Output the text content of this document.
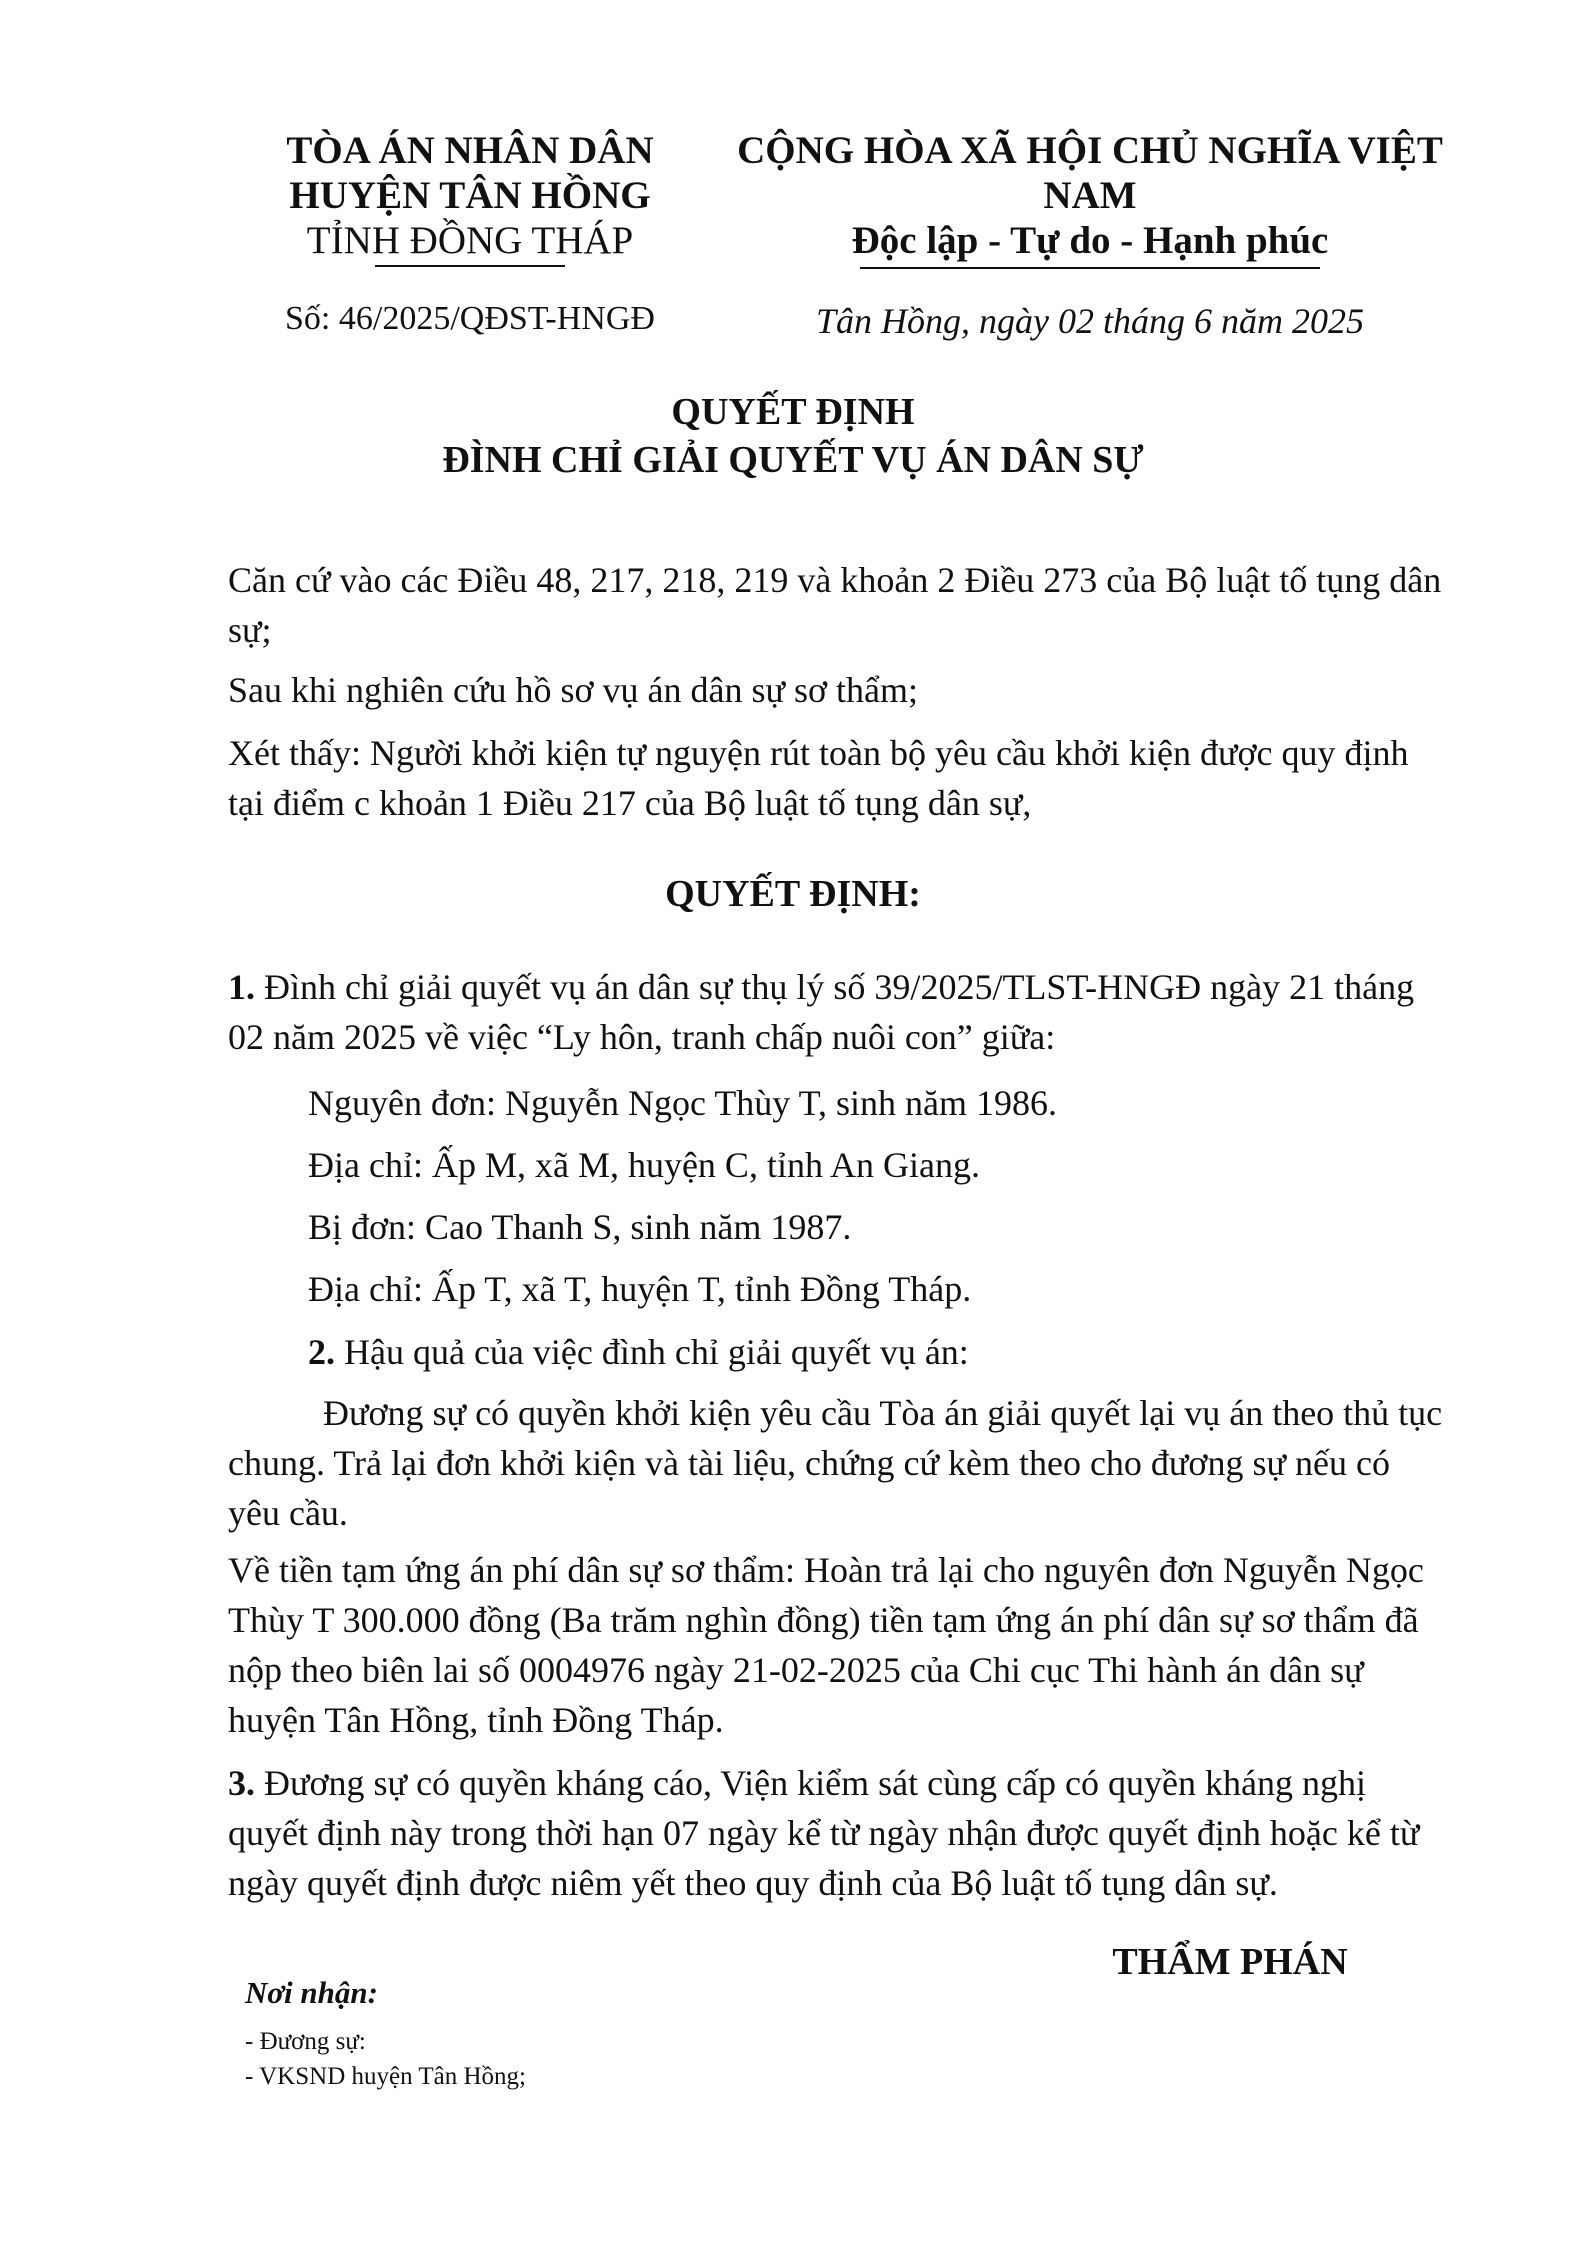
TÒA ÁN NHÂN DÂN
HUYỆN TÂN HỒNG
TỈNH ĐỒNG THÁP
CỘNG HÒA XÃ HỘI CHỦ NGHĨA VIỆT NAM
Độc lập - Tự do - Hạnh phúc
Số: 46/2025/QĐST-HNGĐ	Tân Hồng, ngày 02 tháng 6 năm 2025
QUYẾT ĐỊNH
ĐÌNH CHỈ GIẢI QUYẾT VỤ ÁN DÂN SỰ
Căn cứ vào các Điều 48, 217, 218, 219 và khoản 2 Điều 273 của Bộ luật tố tụng dân sự;
Sau khi nghiên cứu hồ sơ vụ án dân sự sơ thẩm;
Xét thấy: Người khởi kiện tự nguyện rút toàn bộ yêu cầu khởi kiện được quy định tại điểm c khoản 1 Điều 217 của Bộ luật tố tụng dân sự,
QUYẾT ĐỊNH:
1. Đình chỉ giải quyết vụ án dân sự thụ lý số 39/2025/TLST-HNGĐ ngày 21 tháng 02 năm 2025 về việc “Ly hôn, tranh chấp nuôi con” giữa:
Nguyên đơn: Nguyễn Ngọc Thùy T, sinh năm 1986.
Địa chỉ: Ấp M, xã M, huyện C, tỉnh An Giang.
Bị đơn: Cao Thanh S, sinh năm 1987.
Địa chỉ: Ấp T, xã T, huyện T, tỉnh Đồng Tháp.
2. Hậu quả của việc đình chỉ giải quyết vụ án:
Đương sự có quyền khởi kiện yêu cầu Tòa án giải quyết lại vụ án theo thủ tục chung. Trả lại đơn khởi kiện và tài liệu, chứng cứ kèm theo cho đương sự nếu có yêu cầu.
Về tiền tạm ứng án phí dân sự sơ thẩm: Hoàn trả lại cho nguyên đơn Nguyễn Ngọc Thùy T 300.000 đồng (Ba trăm nghìn đồng) tiền tạm ứng án phí dân sự sơ thẩm đã nộp theo biên lai số 0004976 ngày 21-02-2025 của Chi cục Thi hành án dân sự huyện Tân Hồng, tỉnh Đồng Tháp.
3. Đương sự có quyền kháng cáo, Viện kiểm sát cùng cấp có quyền kháng nghị quyết định này trong thời hạn 07 ngày kể từ ngày nhận được quyết định hoặc kể từ ngày quyết định được niêm yết theo quy định của Bộ luật tố tụng dân sự.
THẨM PHÁN
Nơi nhận:
- Đương sự:
- VKSND huyện Tân Hồng;
